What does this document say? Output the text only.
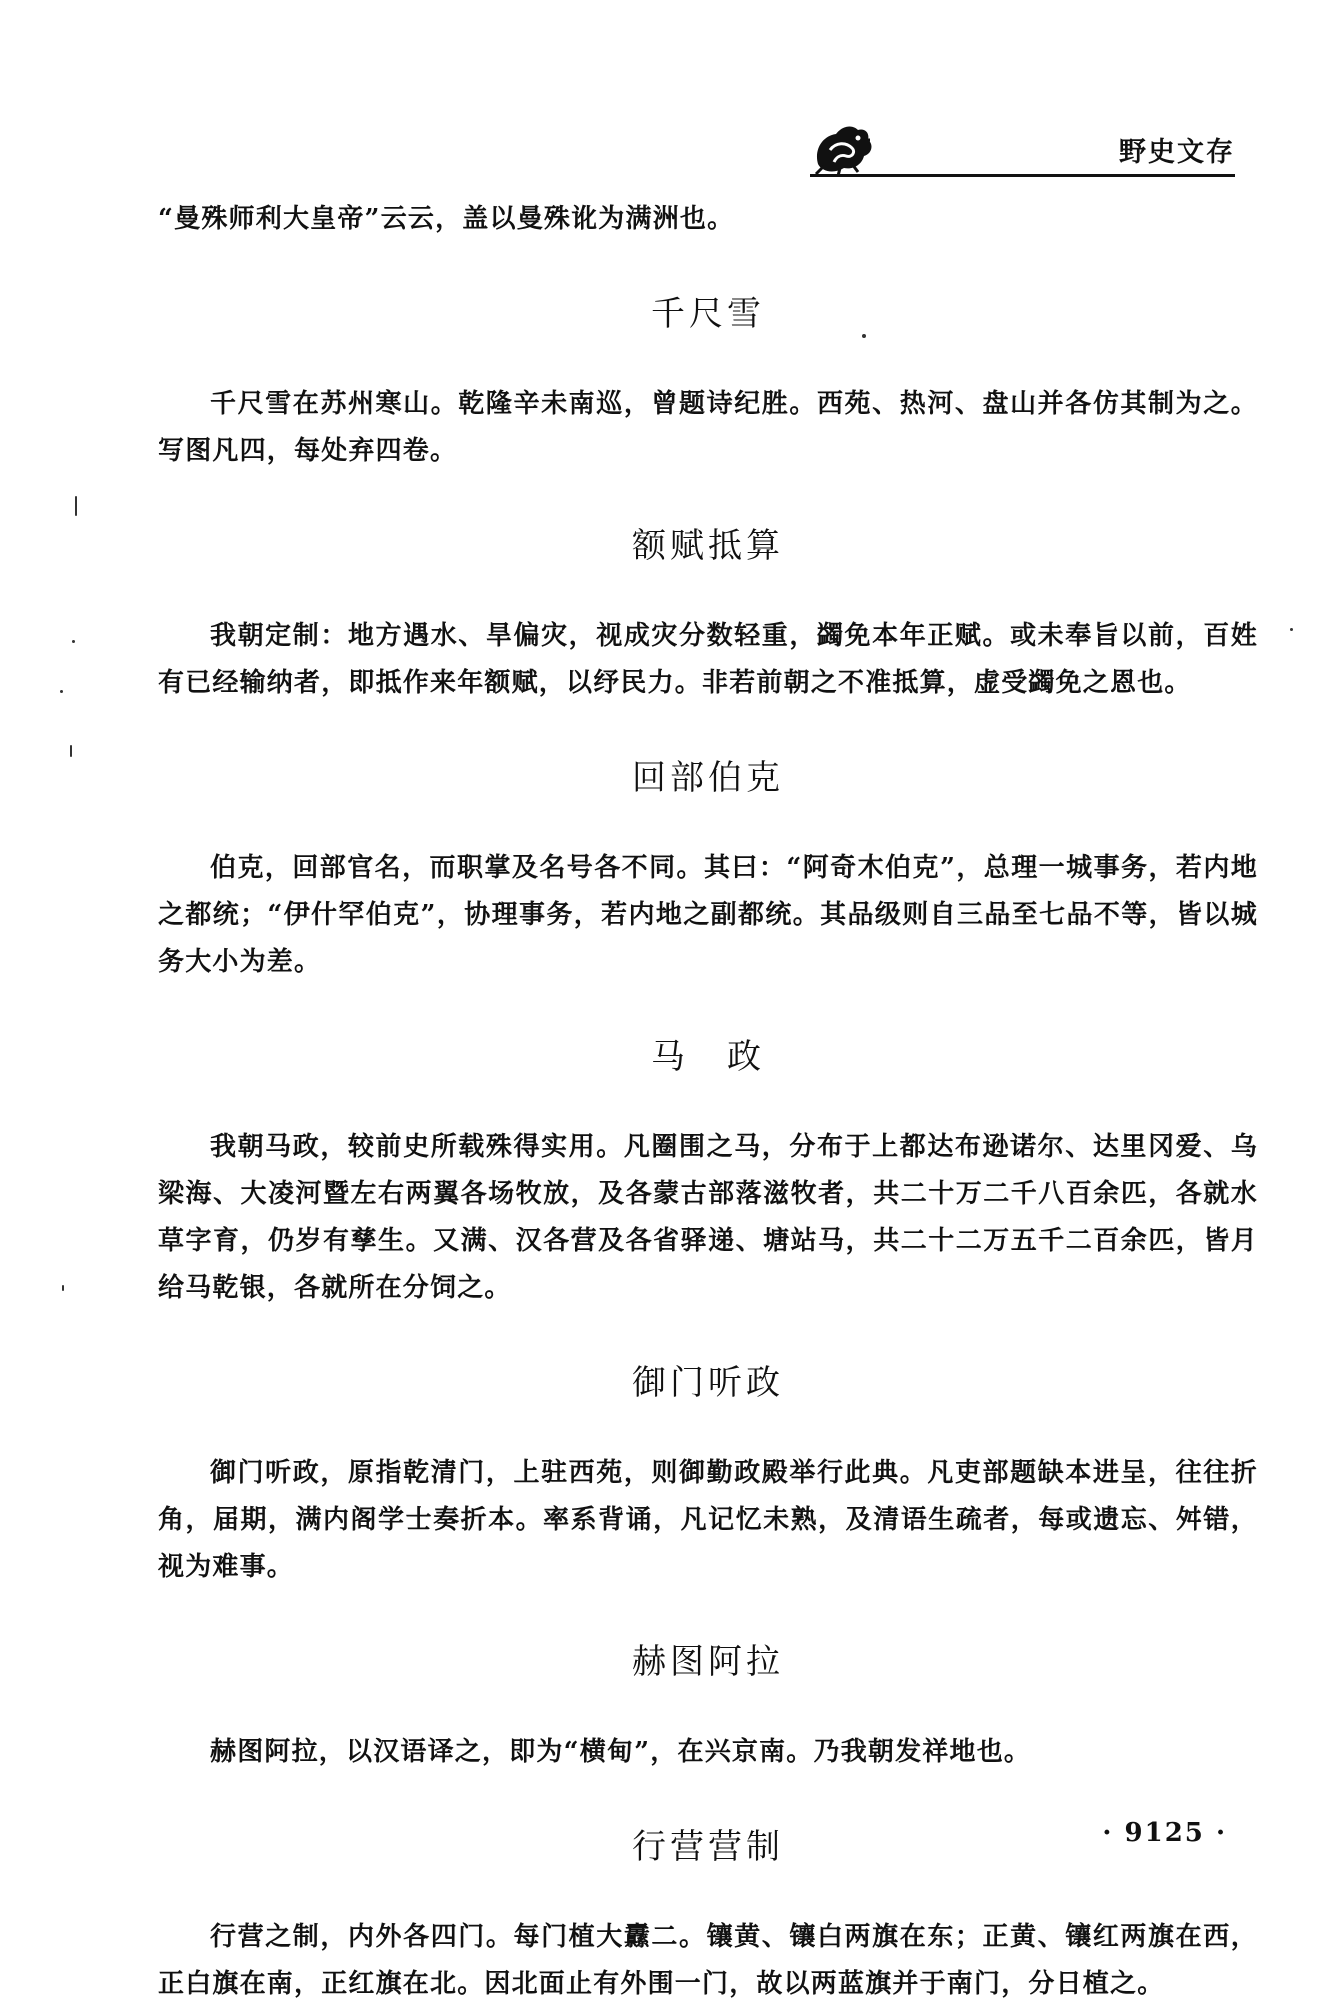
野史文存

“曼殊师利大皇帝”云云，盖以曼殊讹为满洲也。

千尺雪

千尺雪在苏州寒山。乾隆辛未南巡，曾题诗纪胜。西苑、热河、盘山并各仿其制为之。写图凡四，每处弃四卷。

额赋抵算

我朝定制：地方遇水、旱偏灾，视成灾分数轻重，蠲免本年正赋。或未奉旨以前，百姓有已经输纳者，即抵作来年额赋，以纾民力。非若前朝之不准抵算，虚受蠲免之恩也。

回部伯克

伯克，回部官名，而职掌及名号各不同。其曰：“阿奇木伯克”，总理一城事务，若内地之都统；“伊什罕伯克”，协理事务，若内地之副都统。其品级则自三品至七品不等，皆以城务大小为差。

马　政

我朝马政，较前史所载殊得实用。凡圈围之马，分布于上都达布逊诺尔、达里冈爱、乌梁海、大凌河暨左右两翼各场牧放，及各蒙古部落滋牧者，共二十万二千八百余匹，各就水草字育，仍岁有孳生。又满、汉各营及各省驿递、塘站马，共二十二万五千二百余匹，皆月给马乾银，各就所在分饲之。

御门听政

御门听政，原指乾清门，上驻西苑，则御勤政殿举行此典。凡吏部题缺本进呈，往往折角，届期，满内阁学士奏折本。率系背诵，凡记忆未熟，及清语生疏者，每或遗忘、舛错，视为难事。

赫图阿拉

赫图阿拉，以汉语译之，即为“横甸”，在兴京南。乃我朝发祥地也。

行营营制

行营之制，内外各四门。每门植大纛二。镶黄、镶白两旗在东；正黄、镶红两旗在西，正白旗在南，正红旗在北。因北面止有外围一门，故以两蓝旗并于南门，分日植之。

· 9125 ·
